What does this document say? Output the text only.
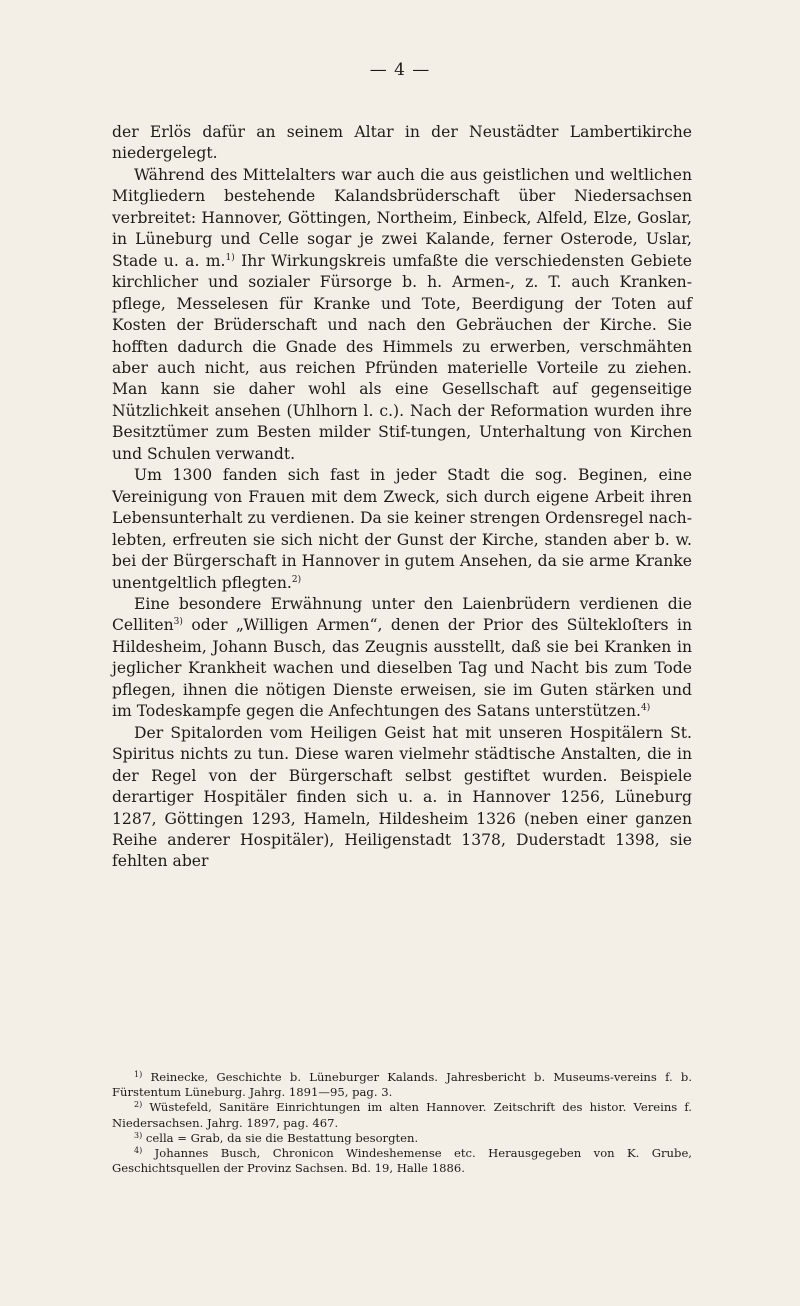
— 4 —

der Erlös dafür an seinem Altar in der Neustädter Lambertikirche niedergelegt.

Während des Mittelalters war auch die aus geistlichen und weltlichen Mitgliedern bestehende Kalandsbrüderschaft über Niedersachsen verbreitet: Hannover, Göttingen, Northeim, Einbeck, Alfeld, Elze, Goslar, in Lüneburg und Celle sogar je zwei Kalande, ferner Osterode, Uslar, Stade u. a. m.$^{1)}$ Ihr Wirkungskreis umfaßte die verschiedensten Gebiete kirchlicher und sozialer Fürsorge b. h. Armen-, z. T. auch Kranken-pflege, Messelesen für Kranke und Tote, Beerdigung der Toten auf Kosten der Brüderschaft und nach den Gebräuchen der Kirche. Sie hofften dadurch die Gnade des Himmels zu erwerben, verschmähten aber auch nicht, aus reichen Pfründen materielle Vorteile zu ziehen. Man kann sie daher wohl als eine Gesellschaft auf gegenseitige Nützlichkeit ansehen (Uhlhorn l. c.). Nach der Reformation wurden ihre Besitztümer zum Besten milder Stif-tungen, Unterhaltung von Kirchen und Schulen verwandt.

Um 1300 fanden sich fast in jeder Stadt die sog. Beginen, eine Vereinigung von Frauen mit dem Zweck, sich durch eigene Arbeit ihren Lebensunterhalt zu verdienen. Da sie keiner strengen Ordensregel nach-lebten, erfreuten sie sich nicht der Gunst der Kirche, standen aber b. w. bei der Bürgerschaft in Hannover in gutem Ansehen, da sie arme Kranke unentgeltlich pflegten.$^{2)}$

Eine besondere Erwähnung unter den Laienbrüdern verdienen die Celliten$^{3)}$ oder „Willigen Armen“, denen der Prior des Sültekloſters in Hildesheim, Johann Busch, das Zeugnis ausstellt, daß sie bei Kranken in jeglicher Krankheit wachen und dieselben Tag und Nacht bis zum Tode pflegen, ihnen die nötigen Dienste erweisen, sie im Guten stärken und im Todeskampfe gegen die Anfechtungen des Satans unterstützen.$^{4)}$

Der Spitalorden vom Heiligen Geist hat mit unseren Hospitälern St. Spiritus nichts zu tun. Diese waren vielmehr städtische Anstalten, die in der Regel von der Bürgerschaft selbst gestiftet wurden. Beispiele derartiger Hospitäler finden sich u. a. in Hannover 1256, Lüneburg 1287, Göttingen 1293, Hameln, Hildesheim 1326 (neben einer ganzen Reihe anderer Hospitäler), Heiligenstadt 1378, Duderstadt 1398, sie fehlten aber

$^{1)}$ Reinecke, Geschichte b. Lüneburger Kalands. Jahresbericht b. Museums-vereins f. b. Fürstentum Lüneburg. Jahrg. 1891—95, pag. 3.

$^{2)}$ Wüstefeld, Sanitäre Einrichtungen im alten Hannover. Zeitschrift des histor. Vereins f. Niedersachsen. Jahrg. 1897, pag. 467.

$^{3)}$ cella = Grab, da sie die Bestattung besorgten.

$^{4)}$ Johannes Busch, Chronicon Windeshemense etc. Herausgegeben von K. Grube, Geschichtsquellen der Provinz Sachsen. Bd. 19, Halle 1886.
